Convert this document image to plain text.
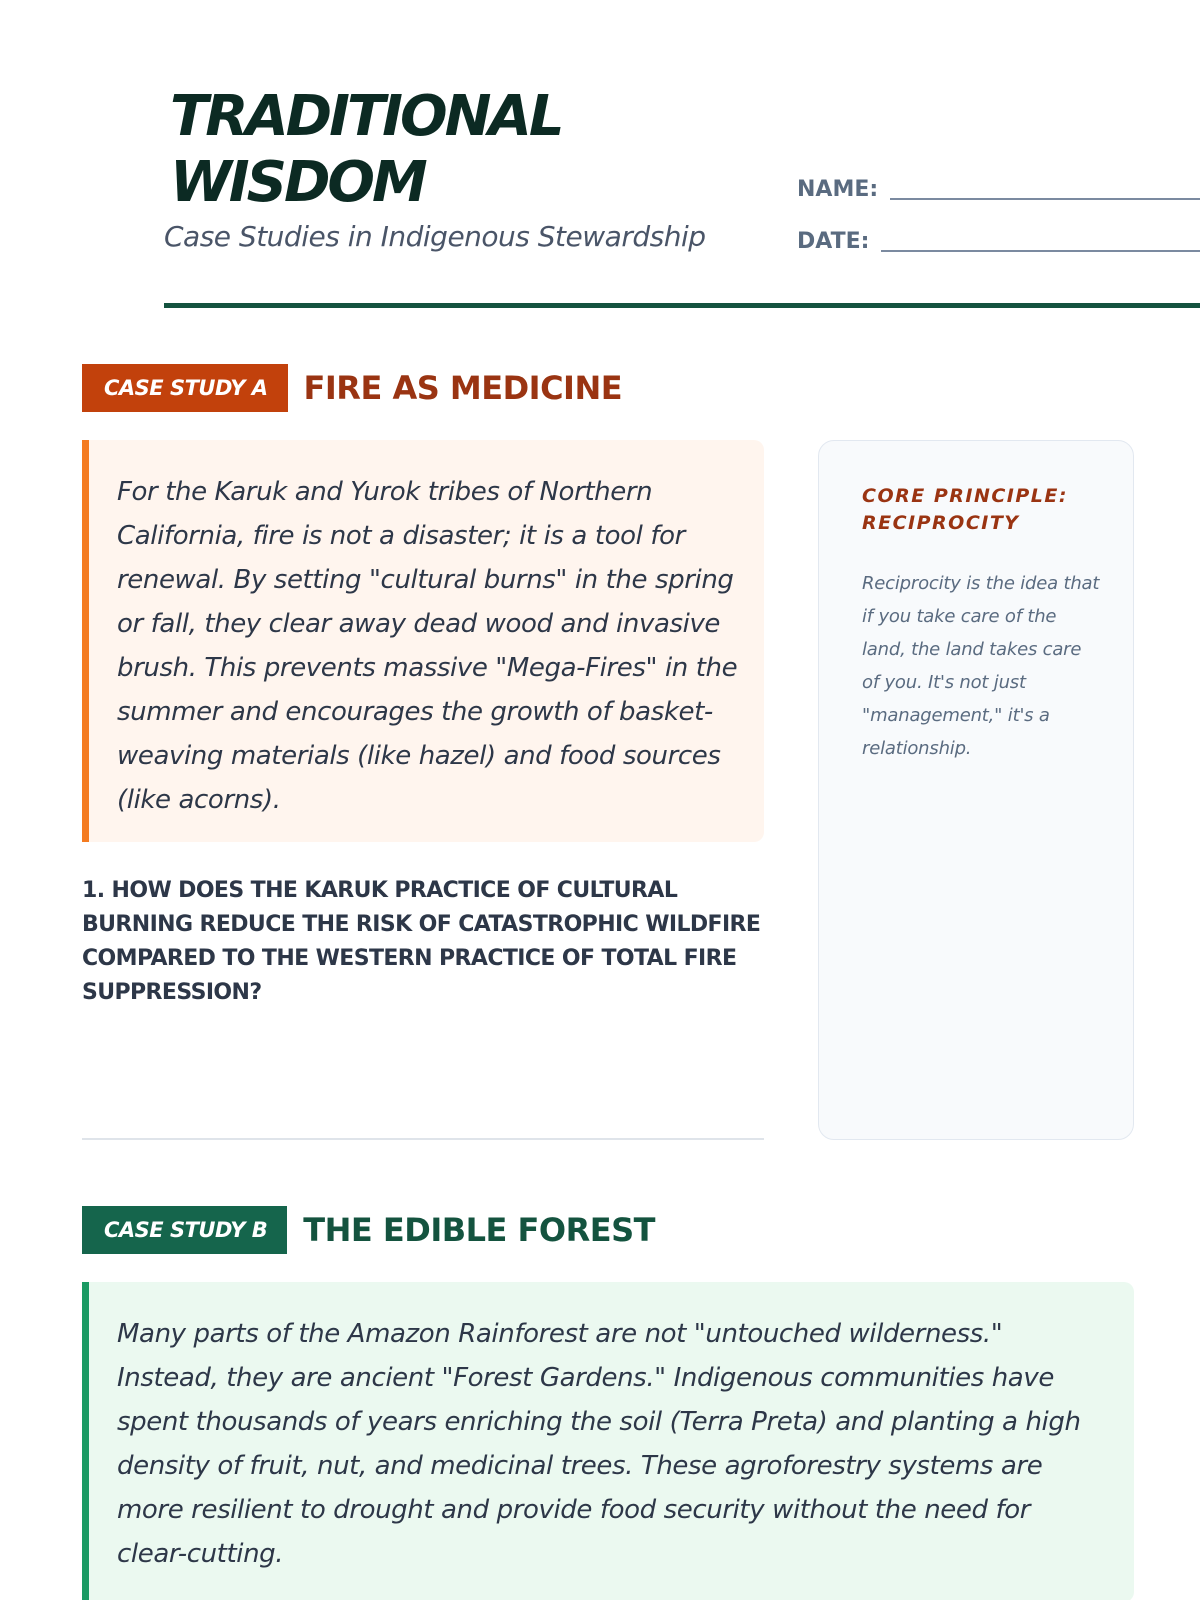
TRADITIONAL WISDOM
Case Studies in Indigenous Stewardship
NAME:
DATE:
CASE STUDY A	FIRE AS MEDICINE
For the Karuk and Yurok tribes of Northern California, fire is not a disaster; it is a tool for renewal. By setting "cultural burns" in the spring or fall, they clear away dead wood and invasive brush. This prevents massive "Mega-Fires" in the summer and encourages the growth of basket-weaving materials (like hazel) and food sources (like acorns).
1. HOW DOES THE KARUK PRACTICE OF CULTURAL BURNING REDUCE THE RISK OF CATASTROPHIC WILDFIRE COMPARED TO THE WESTERN PRACTICE OF TOTAL FIRE SUPPRESSION?
CORE PRINCIPLE: RECIPROCITY
Reciprocity is the idea that if you take care of the land, the land takes care of you. It's not just "management," it's a relationship.
CASE STUDY B	THE EDIBLE FOREST
Many parts of the Amazon Rainforest are not "untouched wilderness." Instead, they are ancient "Forest Gardens." Indigenous communities have spent thousands of years enriching the soil (Terra Preta) and planting a high density of fruit, nut, and medicinal trees. These agroforestry systems are more resilient to drought and provide food security without the need for clear-cutting.
